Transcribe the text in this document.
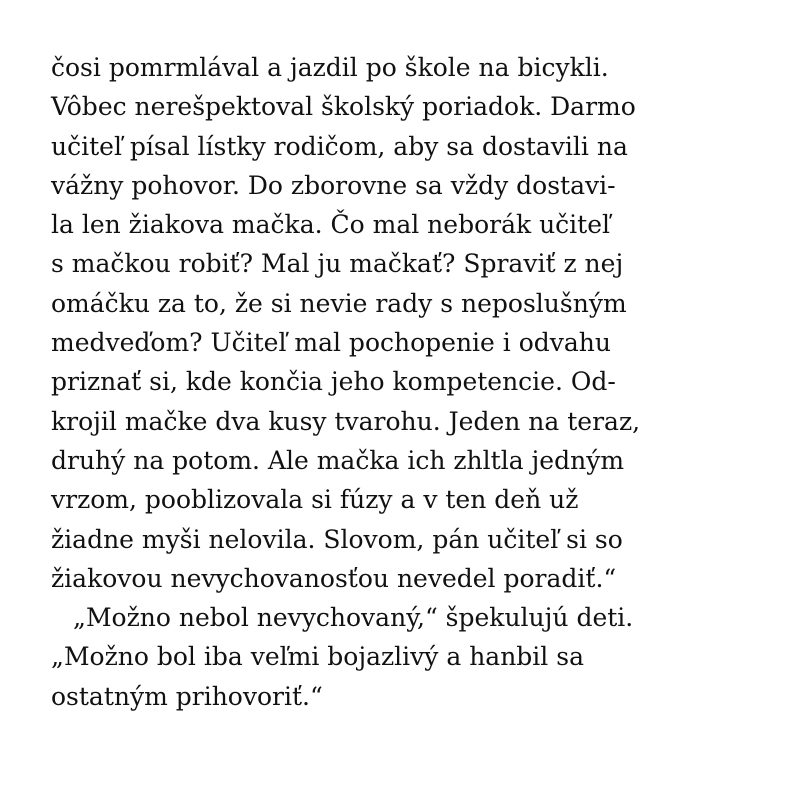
čosi pomrmlával a jazdil po škole na bicykli.
Vôbec nerešpektoval školský poriadok. Darmo
učiteľ písal lístky rodičom, aby sa dostavili na
vážny pohovor. Do zborovne sa vždy dostavi-
la len žiakova mačka. Čo mal neborák učiteľ
s mačkou robiť? Mal ju mačkať? Spraviť z nej
omáčku za to, že si nevie rady s neposlušným
medveďom? Učiteľ mal pochopenie i odvahu
priznať si, kde končia jeho kompetencie. Od-
krojil mačke dva kusy tvarohu. Jeden na teraz,
druhý na potom. Ale mačka ich zhltla jedným
vrzom, pooblizovala si fúzy a v ten deň už
žiadne myši nelovila. Slovom, pán učiteľ si so
žiakovou nevychovanosťou nevedel poradiť.“
„Možno nebol nevychovaný,“ špekulujú deti.
„Možno bol iba veľmi bojazlivý a hanbil sa
ostatným prihovoriť.“
